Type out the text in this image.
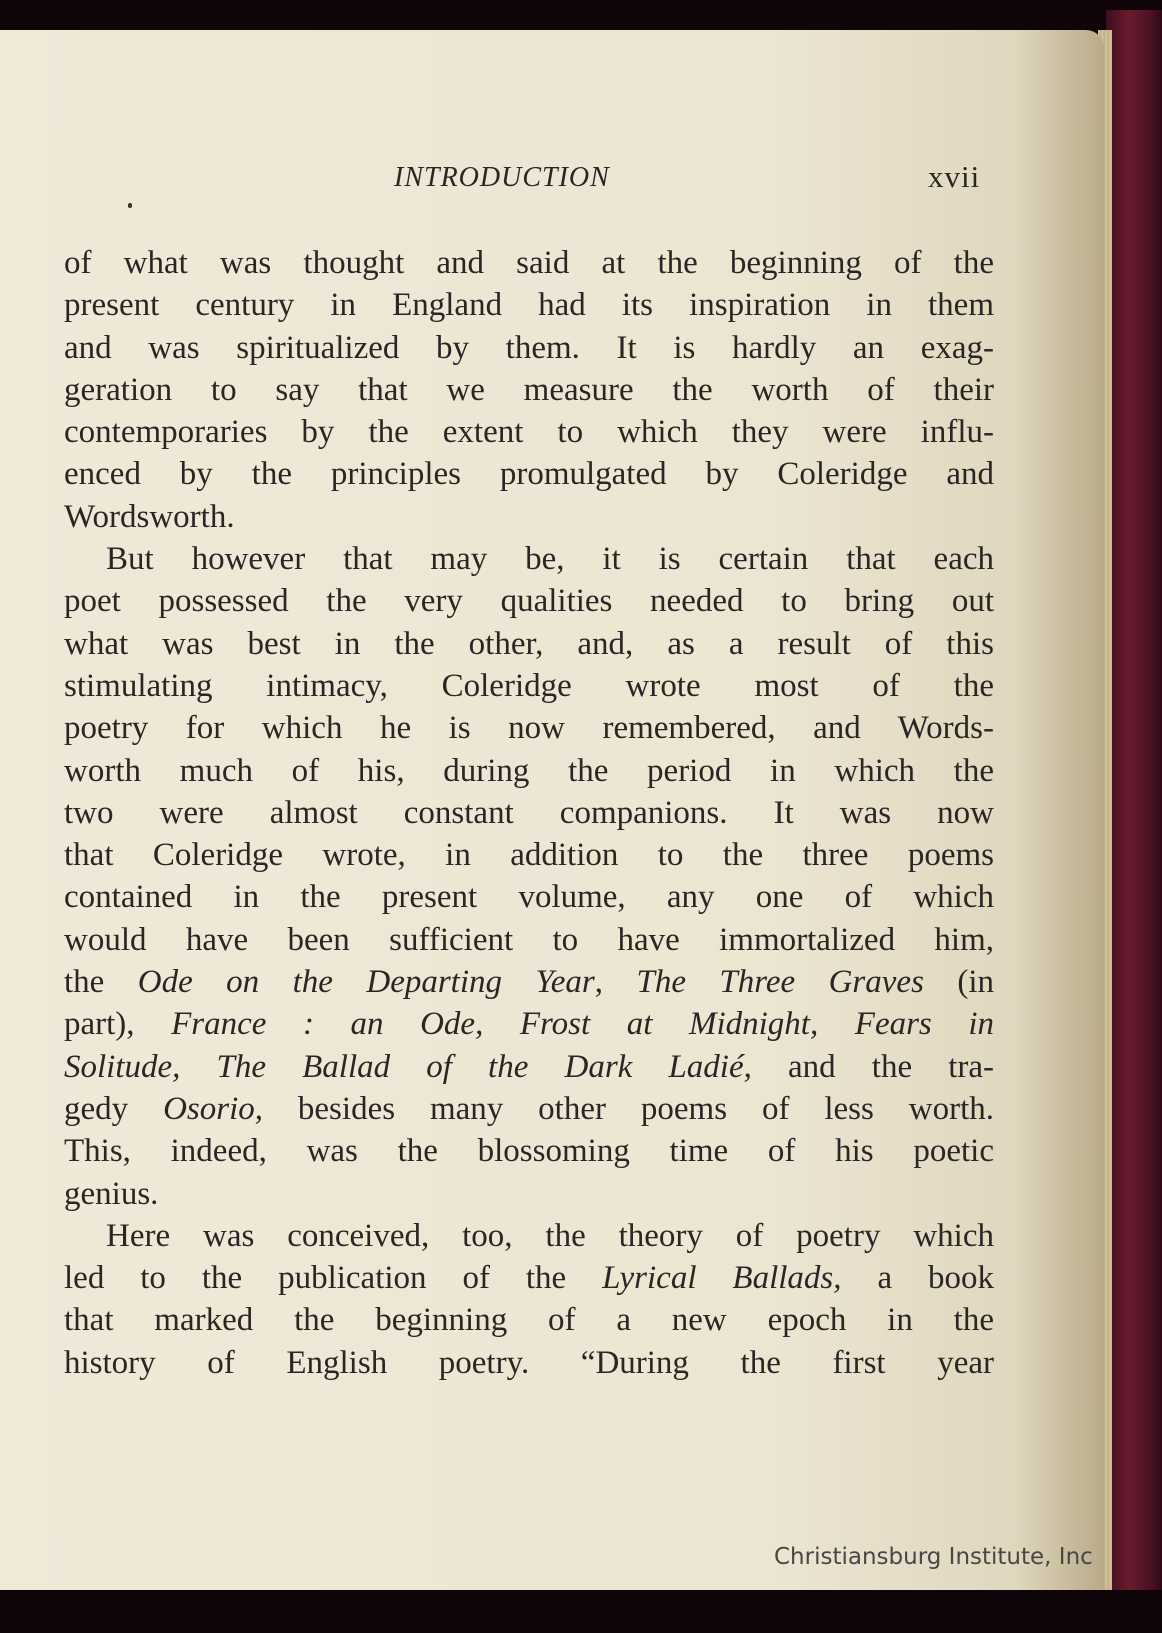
INTRODUCTION	xvii
of what was thought and said at the beginning of the
present century in England had its inspiration in them
and was spiritualized by them. It is hardly an exag-
geration to say that we measure the worth of their
contemporaries by the extent to which they were influ-
enced by the principles promulgated by Coleridge and
Wordsworth.
But however that may be, it is certain that each
poet possessed the very qualities needed to bring out
what was best in the other, and, as a result of this
stimulating intimacy, Coleridge wrote most of the
poetry for which he is now remembered, and Words-
worth much of his, during the period in which the
two were almost constant companions. It was now
that Coleridge wrote, in addition to the three poems
contained in the present volume, any one of which
would have been sufficient to have immortalized him,
the Ode on the Departing Year, The Three Graves (in
part), France : an Ode, Frost at Midnight, Fears in
Solitude, The Ballad of the Dark Ladié, and the tra-
gedy Osorio, besides many other poems of less worth.
This, indeed, was the blossoming time of his poetic
genius.
Here was conceived, too, the theory of poetry which
led to the publication of the Lyrical Ballads, a book
that marked the beginning of a new epoch in the
history of English poetry. “During the first year
Christiansburg Institute, Inc
